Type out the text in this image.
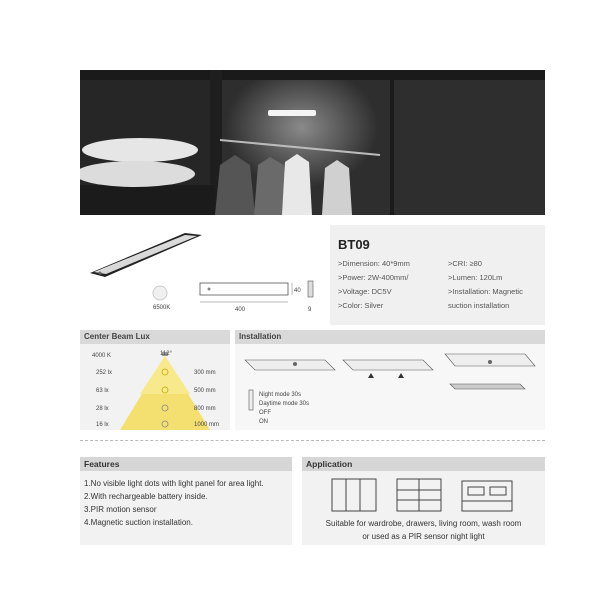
6500K	400
40
9
BT09
>Dimension: 40*9mm
>Power: 2W-400mm/
>Voltage: DC5V
>Color: Silver
>CRI: ≥80
>Lumen: 120Lm
>Installation: Magnetic
suction installation
Center Beam Lux
4000 K	112°
252 lx	300 mm
63 lx	500 mm
28 lx	800 mm
16 lx	1000 mm
Installation
Night mode 30s
Daytime mode 30s
OFF
ON
Features
1.No visible light dots with light panel for area light.
2.With rechargeable battery inside.
3.PIR motion sensor
4.Magnetic suction installation.
Application
Suitable for wardrobe, drawers, living room, wash room
or used as a PIR sensor night light
